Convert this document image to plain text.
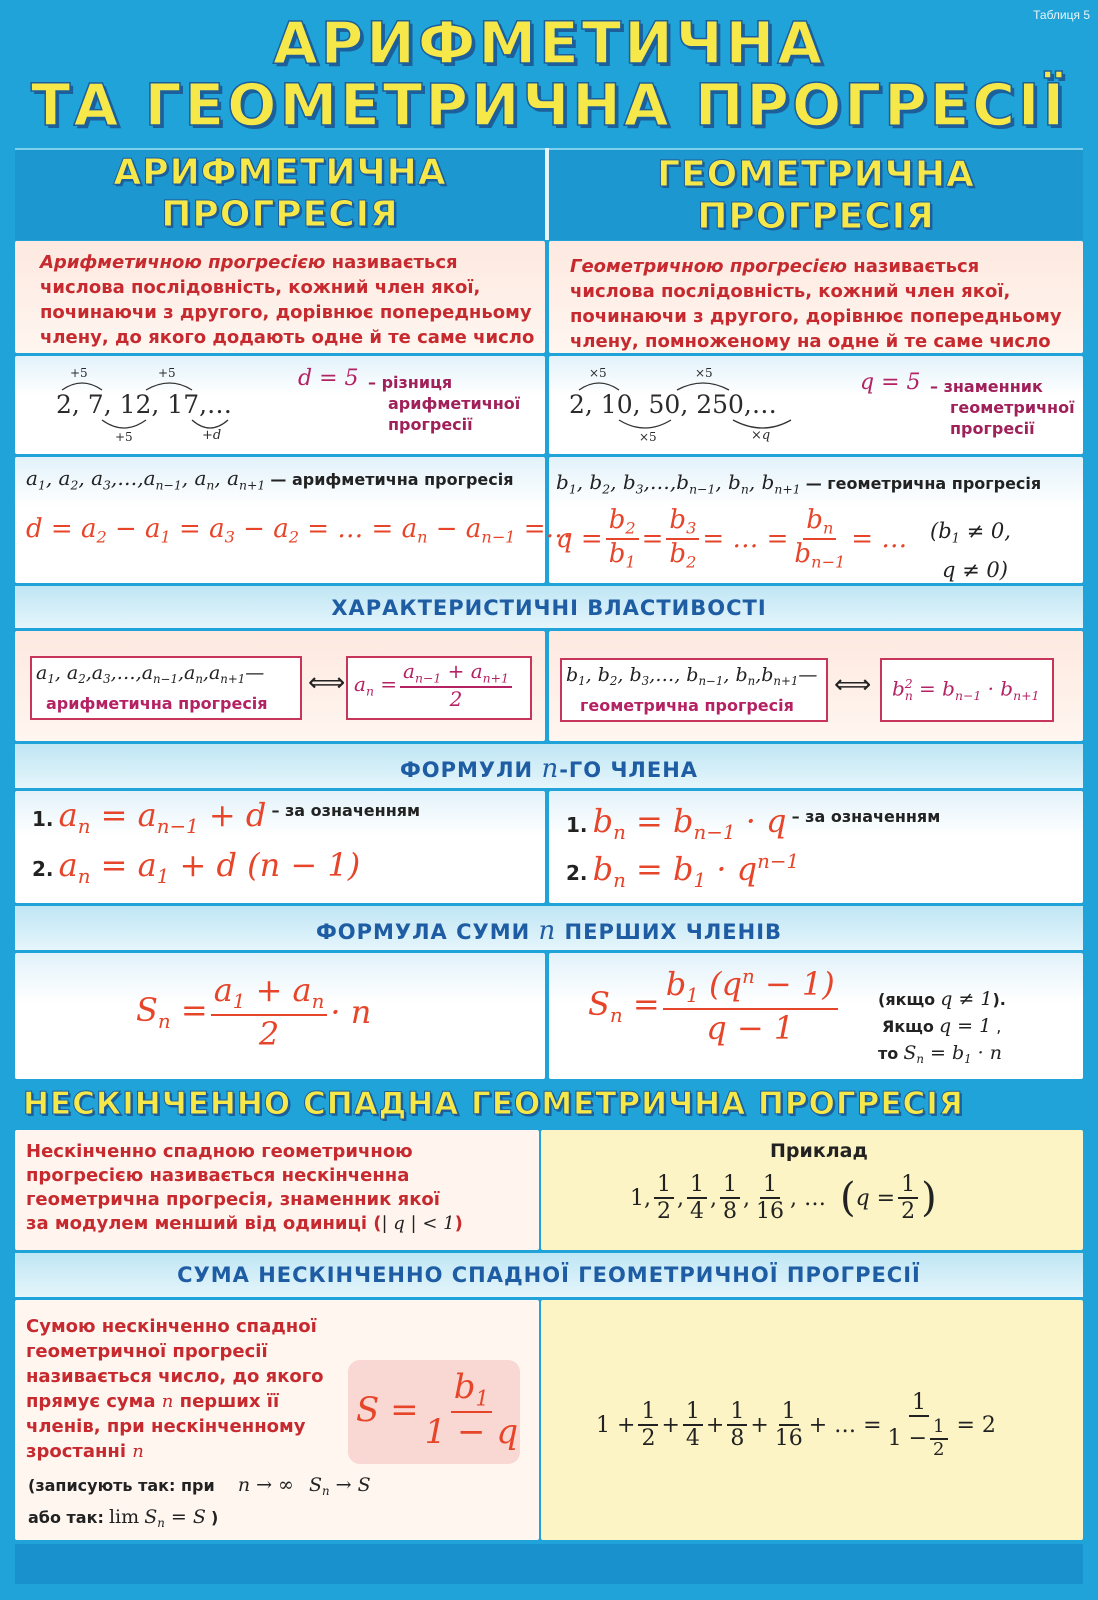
Таблиця 5
АРИФМЕТИЧНА
ТА ГЕОМЕТРИЧНА ПРОГРЕСІЇ
АРИФМЕТИЧНА
ПРОГРЕСІЯ
ГЕОМЕТРИЧНА
ПРОГРЕСІЯ
Арифметичною прогресією називається
числова послідовність, кожний член якої,
починаючи з другого, дорівнює попередньому
члену, до якого додають одне й те саме число
Геометричною прогресією називається
числова послідовність, кожний член якої,
починаючи з другого, дорівнює попередньому
члену, помноженому на одне й те саме число
+5	+5
+5	+d
2, 7, 12, 17,…
d = 5 – різниця
арифметичної
прогресії
×5	×5
×5	×q
2, 10, 50, 250,…
q = 5 – знаменник
геометричної
прогресії
$a_1$, $a_2$, $a_3,\dots,a_{n-1}$, $a_n$, $a_{n+1}$ — арифметична прогресія
$d = a_2 - a_1 = a_3 - a_2$ = … = $a_n - a_{n-1}$ =…
$b_1$, $b_2$, $b_3,\dots,b_{n-1}$, $b_n$, $b_{n+1}$ — геометрична прогресія
$q = \frac{b_2}{b_1} = \frac{b_3}{b_2}$ = … = $\frac{b_n}{b_{n-1}}$ = … ($b_1 \ne 0$,
q ≠ 0)
ХАРАКТЕРИСТИЧНІ ВЛАСТИВОСТІ
$a_1$, $a_2,a_3,\dots,a_{n-1},a_n,a_{n+1}—$
арифметична прогресія
⟺ $a_n = \frac{a_{n-1} + a_{n+1}}{2}$	$b_1$, $b_2$, $b_3,\dots$, $b_{n-1}$, $b_n,b_{n+1}—$
геометрична прогресія
⟺ $b_n^2 = b_{n-1} \cdot b_{n+1}$
ФОРМУЛИ n-ГО ЧЛЕНА
1. $a_n = a_{n-1} + d$ – за означенням
2. $a_n = a_1 + d$ (n − 1)
1. $b_n = b_{n-1} \cdot q$ – за означенням
2. $b_n = b_1 \cdot q^{n-1}$
ФОРМУЛА СУМИ n ПЕРШИХ ЧЛЕНІВ
$S_n = \frac{a_1 + a_n}{2} \cdot n$	$S_n = \frac{b_1 (q^n - 1)}{q - 1}$	(якщо q ≠ 1).
Якщо q = 1 ,
то $S_n = b_1 \cdot n$
НЕСКІНЧЕННО СПАДНА ГЕОМЕТРИЧНА ПРОГРЕСІЯ
Нескінченно спадною геометричною
прогресією називається нескінченна
геометрична прогресія, знаменник якої
за модулем менший від одиниці (| q | < 1)
Приклад
1, $\frac{1}{2}$ , $\frac{1}{4}$ , $\frac{1}{8}$ , $\frac{1}{16}$ , … ( $q = \frac{1}{2}$ )
СУМА НЕСКІНЧЕННО СПАДНОЇ ГЕОМЕТРИЧНОЇ ПРОГРЕСІЇ
Сумою нескінченно спадної
геометричної прогресії
називається число, до якого
прямує сума n перших її
членів, при нескінченному
зростанні n
$S = \frac{b_1}{1 - q}$
(записують так: при n → ∞ $S_n \to S$
або так: $\lim S_n = S$ )
$1 + \frac{1}{2} + \frac{1}{4} + \frac{1}{8} + \frac{1}{16}$ + … = $\frac{1}{1 - \frac{1}{2}} = 2$
